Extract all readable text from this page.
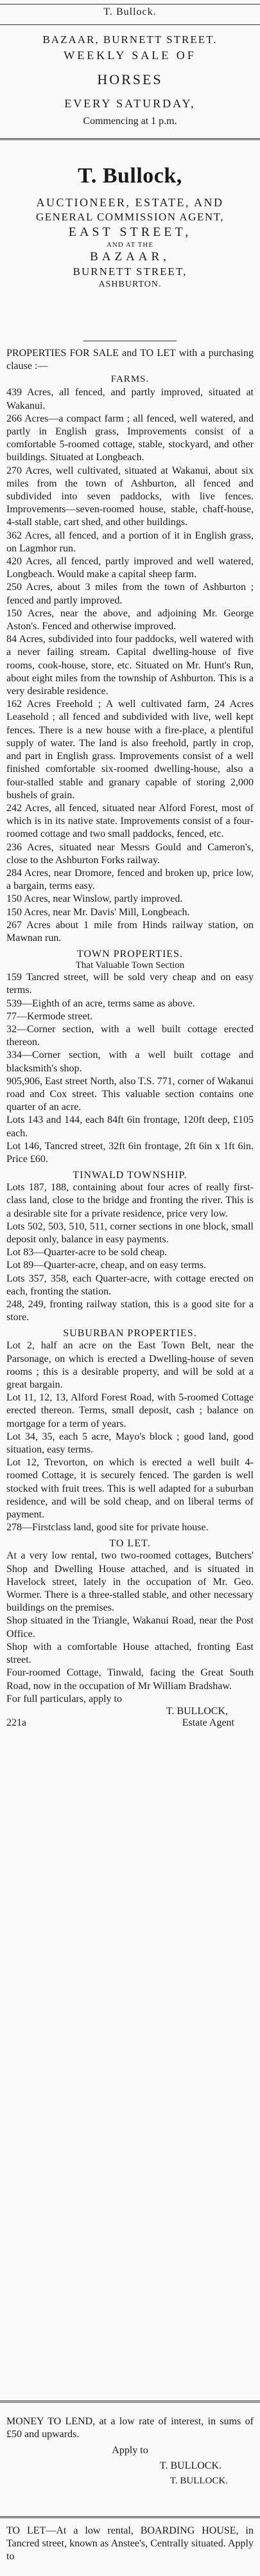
T. Bullock.
BAZAAR, BURNETT STREET.
WEEKLY SALE OF
HORSES
EVERY SATURDAY,
Commencing at 1 p.m.
T. Bullock,
AUCTIONEER, ESTATE, AND
GENERAL COMMISSION AGENT,
EAST STREET,
AND AT THE
BAZAAR,
BURNETT STREET,
ASHBURTON.

PROPERTIES FOR SALE and TO LET with a purchasing clause :—

FARMS.

439 Acres, all fenced, and partly improved, situated at Wakanui.

266 Acres—a compact farm ; all fenced, well watered, and partly in English grass, Improvements consist of a comfortable 5-roomed cottage, stable, stockyard, and other buildings. Situated at Longbeach.

270 Acres, well cultivated, situated at Wakanui, about six miles from the town of Ashburton, all fenced and subdivided into seven paddocks, with live fences. Improvements—seven-roomed house, stable, chaff-house, 4-stall stable, cart shed, and other buildings.

362 Acres, all fenced, and a portion of it in English grass, on Lagmhor run.

420 Acres, all fenced, partly improved and well watered, Longbeach. Would make a capital sheep farm.

250 Acres, about 3 miles from the town of Ashburton ; fenced and partly improved.

150 Acres, near the above, and adjoining Mr. George Aston's. Fenced and otherwise improved.

84 Acres, subdivided into four paddocks, well watered with a never failing stream. Capital dwelling-house of five rooms, cook-house, store, etc. Situated on Mr. Hunt's Run, about eight miles from the township of Ashburton. This is a very desirable residence.

162 Acres Freehold ; A well cultivated farm, 24 Acres Leasehold ; all fenced and subdivided with live, well kept fences. There is a new house with a fire-place, a plentiful supply of water. The land is also freehold, partly in crop, and part in English grass. Improvements consist of a well finished comfortable six-roomed dwelling-house, also a four-stalled stable and granary capable of storing 2,000 bushels of grain.

242 Acres, all fenced, situated near Alford Forest, most of which is in its native state. Improvements consist of a four-roomed cottage and two small paddocks, fenced, etc.

236 Acres, situated near Messrs Gould and Cameron's, close to the Ashburton Forks railway.

284 Acres, near Dromore, fenced and broken up, price low, a bargain, terms easy.

150 Acres, near Winslow, partly improved.

150 Acres, near Mr. Davis' Mill, Longbeach.

267 Acres about 1 mile from Hinds railway station, on Mawnan run.

TOWN PROPERTIES.
That Valuable Town Section

159 Tancred street, will be sold very cheap and on easy terms.

539—Eighth of an acre, terms same as above.

77—Kermode street.

32—Corner section, with a well built cottage erected thereon.

334—Corner section, with a well built cottage and blacksmith's shop.

905,906, East street North, also T.S. 771, corner of Wakanui road and Cox street. This valuable section contains one quarter of an acre.

Lots 143 and 144, each 84ft 6in frontage, 120ft deep, £105 each.

Lot 146, Tancred street, 32ft 6in frontage, 2ft 6in x 1ft 6in. Price £60.

TINWALD TOWNSHIP.

Lots 187, 188, containing about four acres of really first-class land, close to the bridge and fronting the river. This is a desirable site for a private residence, price very low.

Lots 502, 503, 510, 511, corner sections in one block, small deposit only, balance in easy payments.

Lot 83—Quarter-acre to be sold cheap.

Lot 89—Quarter-acre, cheap, and on easy terms.

Lots 357, 358, each Quarter-acre, with cottage erected on each, fronting the station.

248, 249, fronting railway station, this is a good site for a store.

SUBURBAN PROPERTIES.

Lot 2, half an acre on the East Town Belt, near the Parsonage, on which is erected a Dwelling-house of seven rooms ; this is a desirable property, and will be sold at a great bargain.

Lot 11, 12, 13, Alford Forest Road, with 5-roomed Cottage erected thereon. Terms, small deposit, cash ; balance on mortgage for a term of years.

Lot 34, 35, each 5 acre, Mayo's block ; good land, good situation, easy terms.

Lot 12, Trevorton, on which is erected a well built 4-roomed Cottage, it is securely fenced. The garden is well stocked with fruit trees. This is well adapted for a suburban residence, and will be sold cheap, and on liberal terms of payment.

278—Firstclass land, good site for private house.

TO LET.

At a very low rental, two two-roomed cottages, Butchers' Shop and Dwelling House attached, and is situated in Havelock street, lately in the occupation of Mr. Geo. Wormer. There is a three-stalled stable, and other necessary buildings on the premises.

Shop situated in the Triangle, Wakanui Road, near the Post Office.

Shop with a comfortable House attached, fronting East street.

Four-roomed Cottage, Tinwald, facing the Great South Road, now in the occupation of Mr William Bradshaw.

For full particulars, apply to

T. BULLOCK,
221a	Estate Agent

MONEY TO LEND, at a low rate of interest, in sums of £50 and upwards.

Apply to
T. BULLOCK.
T. BULLOCK.

TO LET—At a low rental, BOARDING HOUSE, in Tancred street, known as Anstee's, Centrally situated. Apply to
